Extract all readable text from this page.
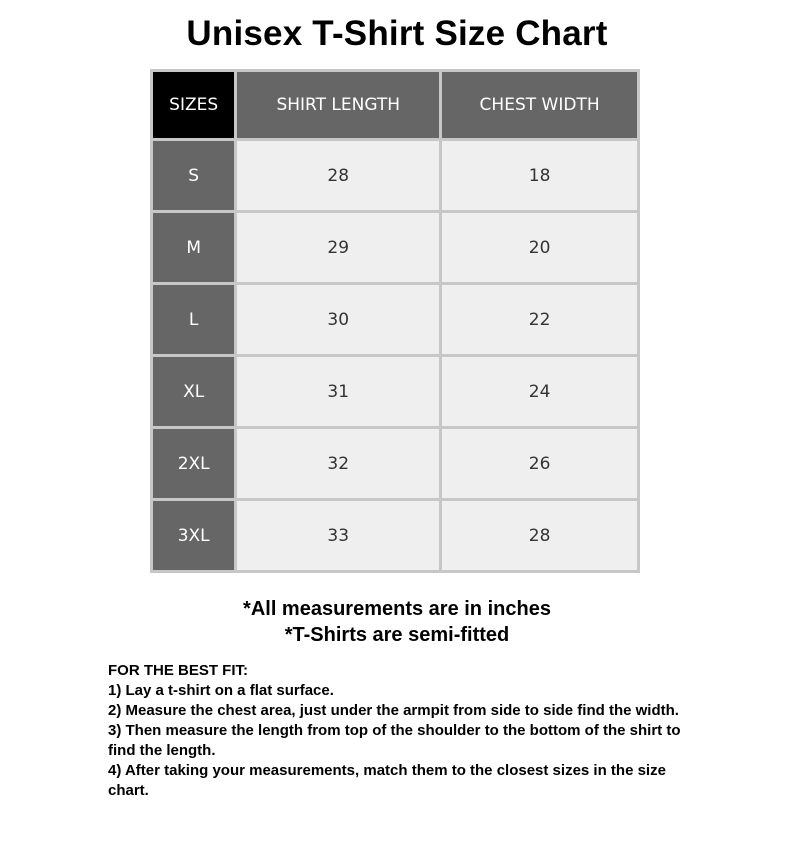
Unisex T-Shirt Size Chart
SIZES	SHIRT LENGTH	CHEST WIDTH
S	28	18
M	29	20
L	30	22
XL	31	24
2XL	32	26
3XL	33	28
*All measurements are in inches
*T-Shirts are semi-fitted
FOR THE BEST FIT:
1) Lay a t-shirt on a flat surface.
2) Measure the chest area, just under the armpit from side to side find the width.
3) Then measure the length from top of the shoulder to the bottom of the shirt to find the length.
4) After taking your measurements, match them to the closest sizes in the size chart.
